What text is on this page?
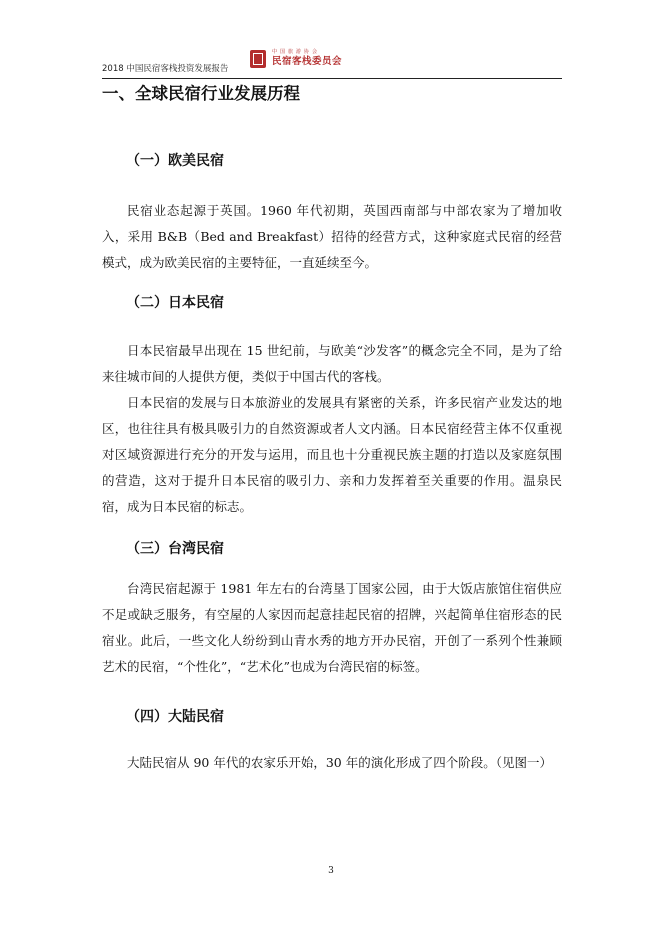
2018 中国民宿客栈投资发展报告
中国旅游协会
民宿客栈委员会
一、全球民宿行业发展历程
（一）欧美民宿
民宿业态起源于英国。1960 年代初期，英国西南部与中部农家为了增加收入，采用 B&B（Bed and Breakfast）招待的经营方式，这种家庭式民宿的经营模式，成为欧美民宿的主要特征，一直延续至今。
（二）日本民宿
日本民宿最早出现在 15 世纪前，与欧美“沙发客”的概念完全不同，是为了给来往城市间的人提供方便，类似于中国古代的客栈。
日本民宿的发展与日本旅游业的发展具有紧密的关系，许多民宿产业发达的地区，也往往具有极具吸引力的自然资源或者人文内涵。日本民宿经营主体不仅重视对区域资源进行充分的开发与运用，而且也十分重视民族主题的打造以及家庭氛围的营造，这对于提升日本民宿的吸引力、亲和力发挥着至关重要的作用。温泉民宿，成为日本民宿的标志。
（三）台湾民宿
台湾民宿起源于 1981 年左右的台湾垦丁国家公园，由于大饭店旅馆住宿供应不足或缺乏服务，有空屋的人家因而起意挂起民宿的招牌，兴起简单住宿形态的民宿业。此后，一些文化人纷纷到山青水秀的地方开办民宿，开创了一系列个性兼顾艺术的民宿，“个性化”，“艺术化”也成为台湾民宿的标签。
（四）大陆民宿
大陆民宿从 90 年代的农家乐开始，30 年的演化形成了四个阶段。（见图一）
3
